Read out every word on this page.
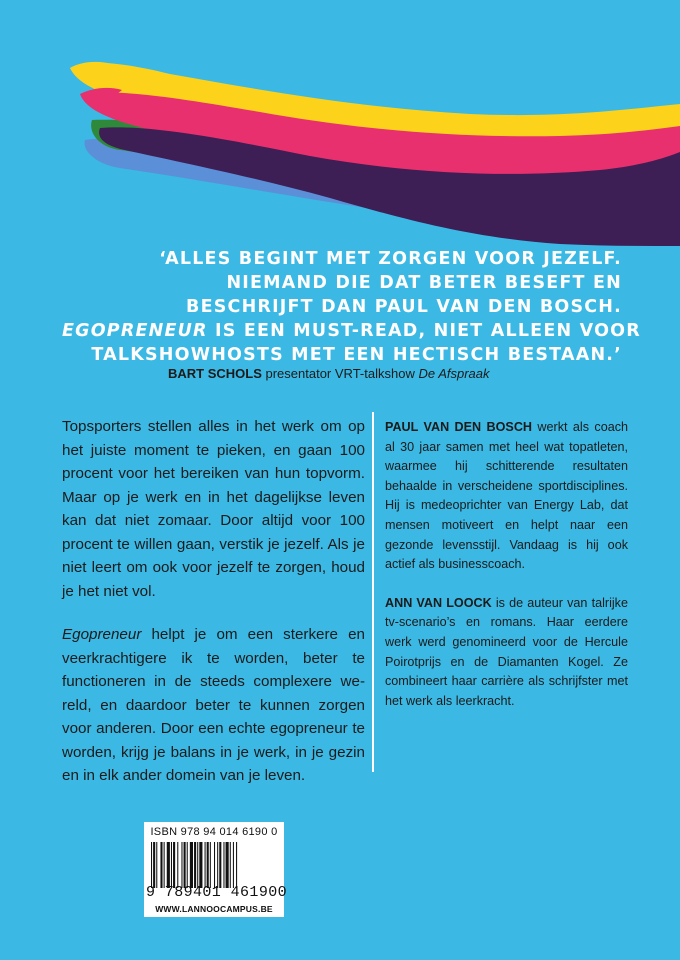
‘ALLES BEGINT MET ZORGEN VOOR JEZELF.
NIEMAND DIE DAT BETER BESEFT EN
BESCHRIJFT DAN PAUL VAN DEN BOSCH.
EGOPRENEUR IS EEN MUST-READ, NIET ALLEEN VOOR
TALKSHOWHOSTS MET EEN HECTISCH BESTAAN.’
BART SCHOLS presentator VRT-talkshow De Afspraak

Topsporters stellen alles in het werk om op het juiste moment te pieken, en gaan 100 procent voor het bereiken van hun topvorm. Maar op je werk en in het dagelijkse leven kan dat niet zomaar. Door altijd voor 100 procent te willen gaan, verstik je jezelf. Als je niet leert om ook voor jezelf te zorgen, houd je het niet vol.

Egopreneur helpt je om een sterkere en veerkrachtigere ik te worden, beter te functioneren in de steeds complexere wereld, en daardoor beter te kunnen zorgen voor anderen. Door een echte egopreneur te worden, krijg je balans in je werk, in je gezin en in elk ander domein van je leven.

PAUL VAN DEN BOSCH werkt als coach al 30 jaar samen met heel wat topatleten, waarmee hij schitterende resultaten behaalde in verscheidene sportdisciplines. Hij is medeoprichter van Energy Lab, dat mensen motiveert en helpt naar een gezonde levensstijl. Vandaag is hij ook actief als businesscoach.

ANN VAN LOOCK is de auteur van talrijke tv-scenario’s en romans. Haar eerdere werk werd genomineerd voor de Hercule Poirotprijs en de Diamanten Kogel. Ze combineert haar carrière als schrijfster met het werk als leerkracht.

ISBN 978 94 014 6190 0
9 789401 461900
WWW.LANNOOCAMPUS.BE
